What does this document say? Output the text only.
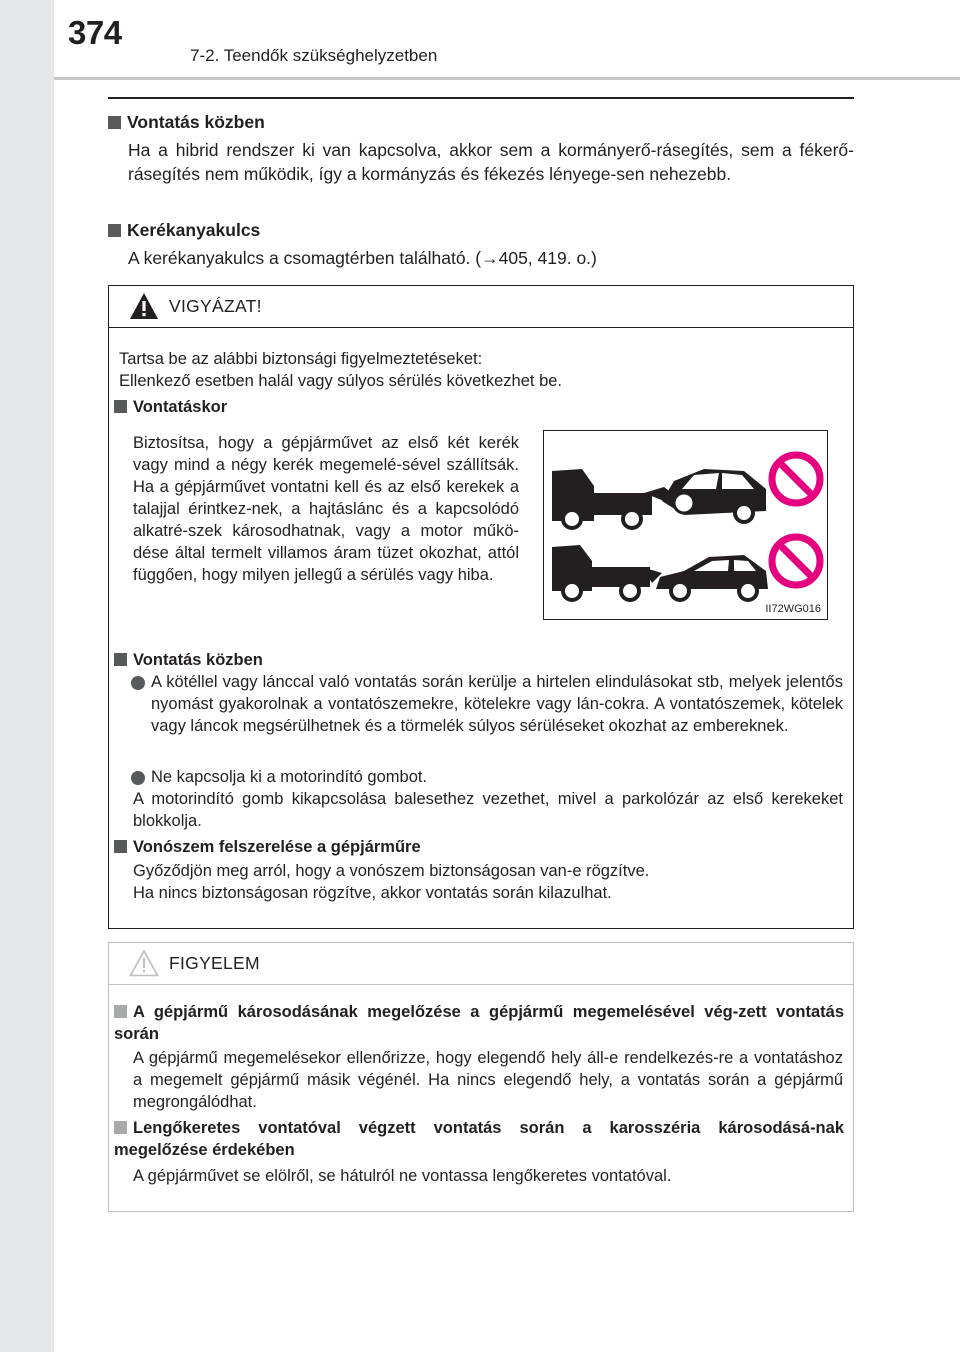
374
7-2. Teendők szükséghelyzetben
Vontatás közben
Ha a hibrid rendszer ki van kapcsolva, akkor sem a kormányerő-rásegítés, sem a fékerő-rásegítés nem működik, így a kormányzás és fékezés lényege-sen nehezebb.
Kerékanyakulcs
A kerékanyakulcs a csomagtérben található. (→405, 419. o.)
VIGYÁZAT!
Tartsa be az alábbi biztonsági figyelmeztetéseket:
Ellenkező esetben halál vagy súlyos sérülés következhet be.
Vontatáskor
Biztosítsa, hogy a gépjárművet az első két kerék vagy mind a négy kerék megemelé-sével szállítsák. Ha a gépjárművet vontatni kell és az első kerekek a talajjal érintkez-nek, a hajtáslánc és a kapcsolódó alkatré-szek károsodhatnak, vagy a motor műkö-dése által termelt villamos áram tüzet okozhat, attól függően, hogy milyen jellegű a sérülés vagy hiba.
Vontatás közben
A kötéllel vagy lánccal való vontatás során kerülje a hirtelen elindulásokat stb, melyek jelentős nyomást gyakorolnak a vontatószemekre, kötelekre vagy lán-cokra. A vontatószemek, kötelek vagy láncok megsérülhetnek és a törmelék súlyos sérüléseket okozhat az embereknek.
Ne kapcsolja ki a motorindító gombot.
A motorindító gomb kikapcsolása balesethez vezethet, mivel a parkolózár az első kerekeket blokkolja.
Vonószem felszerelése a gépjárműre
Győződjön meg arról, hogy a vonószem biztonságosan van-e rögzítve.
Ha nincs biztonságosan rögzítve, akkor vontatás során kilazulhat.
II72WG016
FIGYELEM
A gépjármű károsodásának megelőzése a gépjármű megemelésével vég-zett vontatás során
A gépjármű megemelésekor ellenőrizze, hogy elegendő hely áll-e rendelkezés-re a vontatáshoz a megemelt gépjármű másik végénél. Ha nincs elegendő hely, a vontatás során a gépjármű megrongálódhat.
Lengőkeretes vontatóval végzett vontatás során a karosszéria károsodásá-nak megelőzése érdekében
A gépjárművet se elölről, se hátulról ne vontassa lengőkeretes vontatóval.
